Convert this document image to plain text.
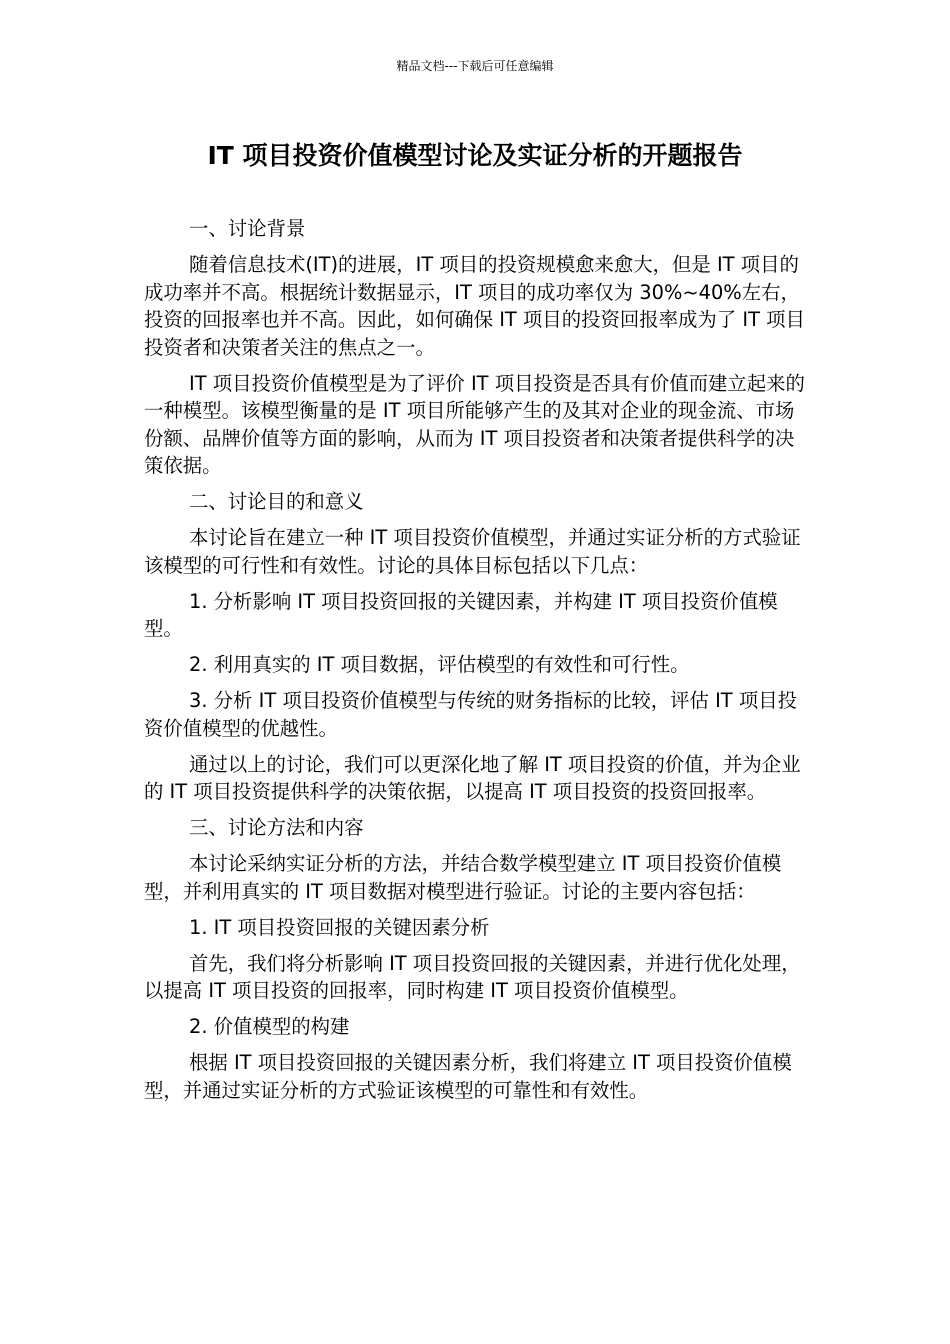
精品文档---下载后可任意编辑
IT 项目投资价值模型讨论及实证分析的开题报告

一、讨论背景

随着信息技术(IT)的进展，IT 项目的投资规模愈来愈大，但是 IT 项目的成功率并不高。根据统计数据显示，IT 项目的成功率仅为 30%~40%左右，投资的回报率也并不高。因此，如何确保 IT 项目的投资回报率成为了 IT 项目投资者和决策者关注的焦点之一。

IT 项目投资价值模型是为了评价 IT 项目投资是否具有价值而建立起来的一种模型。该模型衡量的是 IT 项目所能够产生的及其对企业的现金流、市场份额、品牌价值等方面的影响，从而为 IT 项目投资者和决策者提供科学的决策依据。

二、讨论目的和意义

本讨论旨在建立一种 IT 项目投资价值模型，并通过实证分析的方式验证该模型的可行性和有效性。讨论的具体目标包括以下几点：

1. 分析影响 IT 项目投资回报的关键因素，并构建 IT 项目投资价值模型。

2. 利用真实的 IT 项目数据，评估模型的有效性和可行性。

3. 分析 IT 项目投资价值模型与传统的财务指标的比较，评估 IT 项目投资价值模型的优越性。

通过以上的讨论，我们可以更深化地了解 IT 项目投资的价值，并为企业的 IT 项目投资提供科学的决策依据，以提高 IT 项目投资的投资回报率。

三、讨论方法和内容

本讨论采纳实证分析的方法，并结合数学模型建立 IT 项目投资价值模型，并利用真实的 IT 项目数据对模型进行验证。讨论的主要内容包括：

1. IT 项目投资回报的关键因素分析

首先，我们将分析影响 IT 项目投资回报的关键因素，并进行优化处理，以提高 IT 项目投资的回报率，同时构建 IT 项目投资价值模型。

2. 价值模型的构建

根据 IT 项目投资回报的关键因素分析，我们将建立 IT 项目投资价值模型，并通过实证分析的方式验证该模型的可靠性和有效性。
